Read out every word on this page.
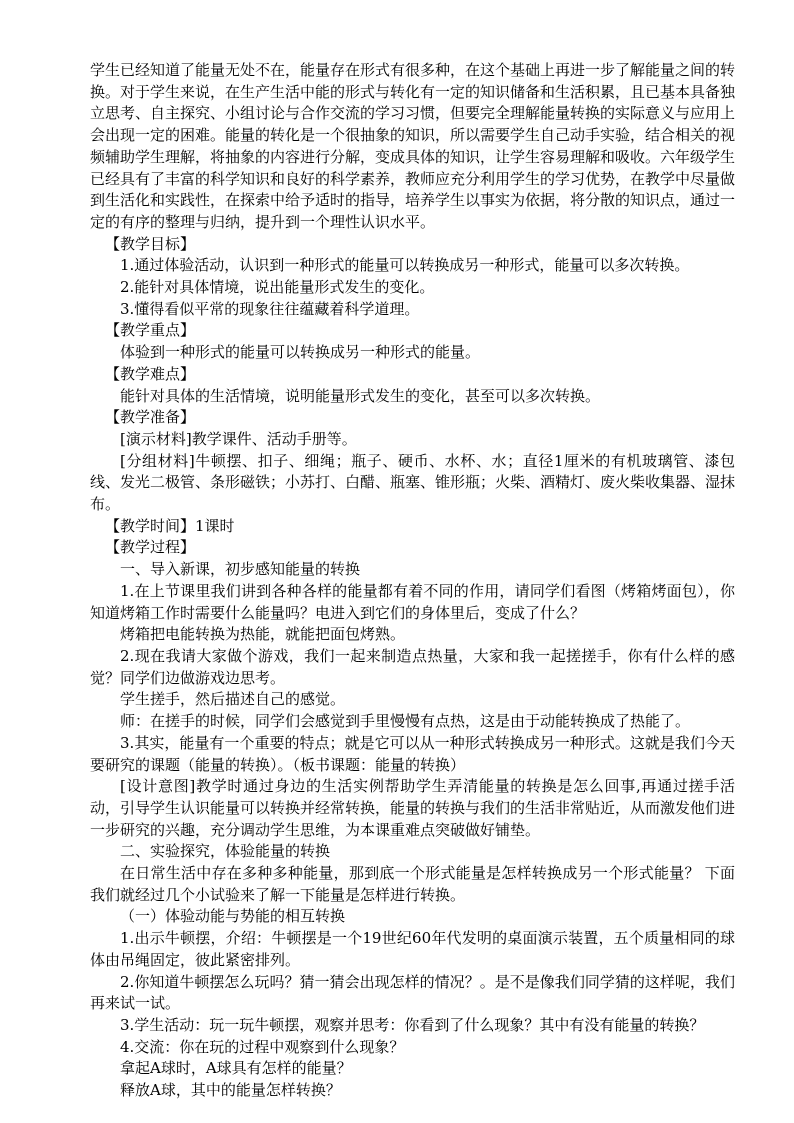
学生已经知道了能量无处不在，能量存在形式有很多种，在这个基础上再进一步了解能量之间的转换。对于学生来说，在生产生活中能的形式与转化有一定的知识储备和生活积累，且已基本具备独立思考、自主探究、小组讨论与合作交流的学习习惯，但要完全理解能量转换的实际意义与应用上会出现一定的困难。能量的转化是一个很抽象的知识，所以需要学生自己动手实验，结合相关的视频辅助学生理解，将抽象的内容进行分解，变成具体的知识，让学生容易理解和吸收。六年级学生已经具有了丰富的科学知识和良好的科学素养，教师应充分利用学生的学习优势，在教学中尽量做到生活化和实践性，在探索中给予适时的指导，培养学生以事实为依据，将分散的知识点，通过一定的有序的整理与归纳，提升到一个理性认识水平。

【教学目标】

1.通过体验活动，认识到一种形式的能量可以转换成另一种形式，能量可以多次转换。

2.能针对具体情境，说出能量形式发生的变化。

3.懂得看似平常的现象往往蕴藏着科学道理。

【教学重点】

体验到一种形式的能量可以转换成另一种形式的能量。

【教学难点】

能针对具体的生活情境，说明能量形式发生的变化，甚至可以多次转换。

【教学准备】

[演示材料]教学课件、活动手册等。

[分组材料]牛顿摆、扣子、细绳；瓶子、硬币、水杯、水；直径1厘米的有机玻璃管、漆包线、发光二极管、条形磁铁；小苏打、白醋、瓶塞、锥形瓶；火柴、酒精灯、废火柴收集器、湿抹布。

【教学时间】1课时

【教学过程】

一、导入新课，初步感知能量的转换

1.在上节课里我们讲到各种各样的能量都有着不同的作用，请同学们看图（烤箱烤面包），你知道烤箱工作时需要什么能量吗？电进入到它们的身体里后，变成了什么？

烤箱把电能转换为热能，就能把面包烤熟。

2.现在我请大家做个游戏，我们一起来制造点热量，大家和我一起搓搓手，你有什么样的感觉？同学们边做游戏边思考。

学生搓手，然后描述自己的感觉。

师：在搓手的时候，同学们会感觉到手里慢慢有点热，这是由于动能转换成了热能了。

3.其实，能量有一个重要的特点；就是它可以从一种形式转换成另一种形式。这就是我们今天要研究的课题（能量的转换）。（板书课题：能量的转换）

[设计意图]教学时通过身边的生活实例帮助学生弄清能量的转换是怎么回事,再通过搓手活动，引导学生认识能量可以转换并经常转换，能量的转换与我们的生活非常贴近，从而激发他们进一步研究的兴趣，充分调动学生思维，为本课重难点突破做好铺垫。

二、实验探究，体验能量的转换

在日常生活中存在多种多种能量，那到底一个形式能量是怎样转换成另一个形式能量？ 下面我们就经过几个小试验来了解一下能量是怎样进行转换。

（一）体验动能与势能的相互转换

1.出示牛顿摆，介绍：牛顿摆是一个19世纪60年代发明的桌面演示装置，五个质量相同的球体由吊绳固定，彼此紧密排列。

2.你知道牛顿摆怎么玩吗？猜一猜会出现怎样的情况？。是不是像我们同学猜的这样呢，我们再来试一试。

3.学生活动：玩一玩牛顿摆，观察并思考：你看到了什么现象？其中有没有能量的转换？

4.交流：你在玩的过程中观察到什么现象？

拿起A球时，A球具有怎样的能量？

释放A球，其中的能量怎样转换？
